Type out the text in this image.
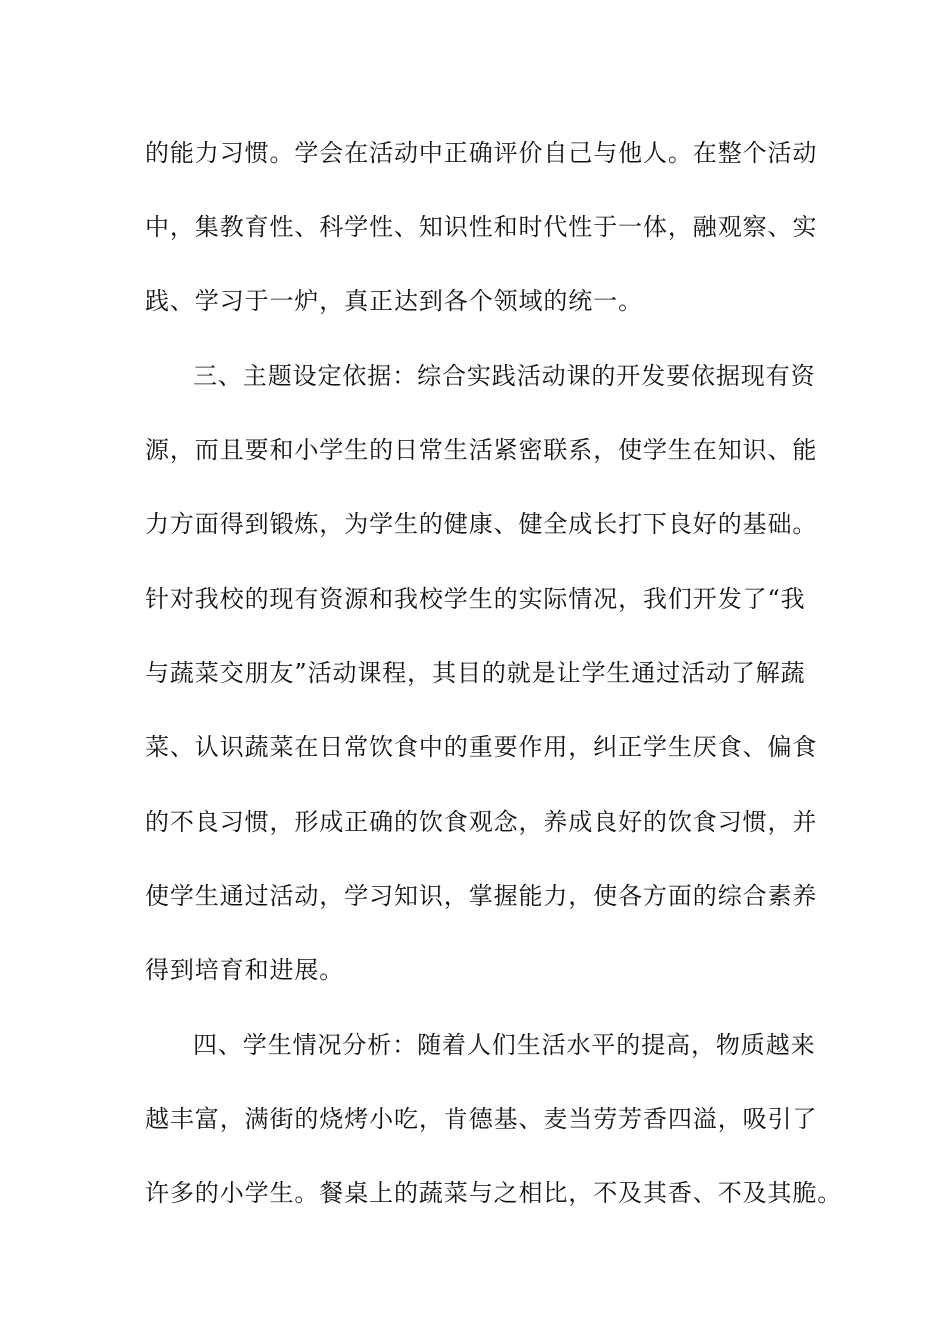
的能力习惯。学会在活动中正确评价自己与他人。在整个活动

中，集教育性、科学性、知识性和时代性于一体，融观察、实

践、学习于一炉，真正达到各个领域的统一。

三、主题设定依据：综合实践活动课的开发要依据现有资

源，而且要和小学生的日常生活紧密联系，使学生在知识、能

力方面得到锻炼，为学生的健康、健全成长打下良好的基础。

针对我校的现有资源和我校学生的实际情况，我们开发了“我

与蔬菜交朋友”活动课程，其目的就是让学生通过活动了解蔬

菜、认识蔬菜在日常饮食中的重要作用，纠正学生厌食、偏食

的不良习惯，形成正确的饮食观念，养成良好的饮食习惯，并

使学生通过活动，学习知识，掌握能力，使各方面的综合素养

得到培育和进展。

四、学生情况分析：随着人们生活水平的提高，物质越来

越丰富，满街的烧烤小吃，肯德基、麦当劳芳香四溢，吸引了

许多的小学生。餐桌上的蔬菜与之相比，不及其香、不及其脆。
